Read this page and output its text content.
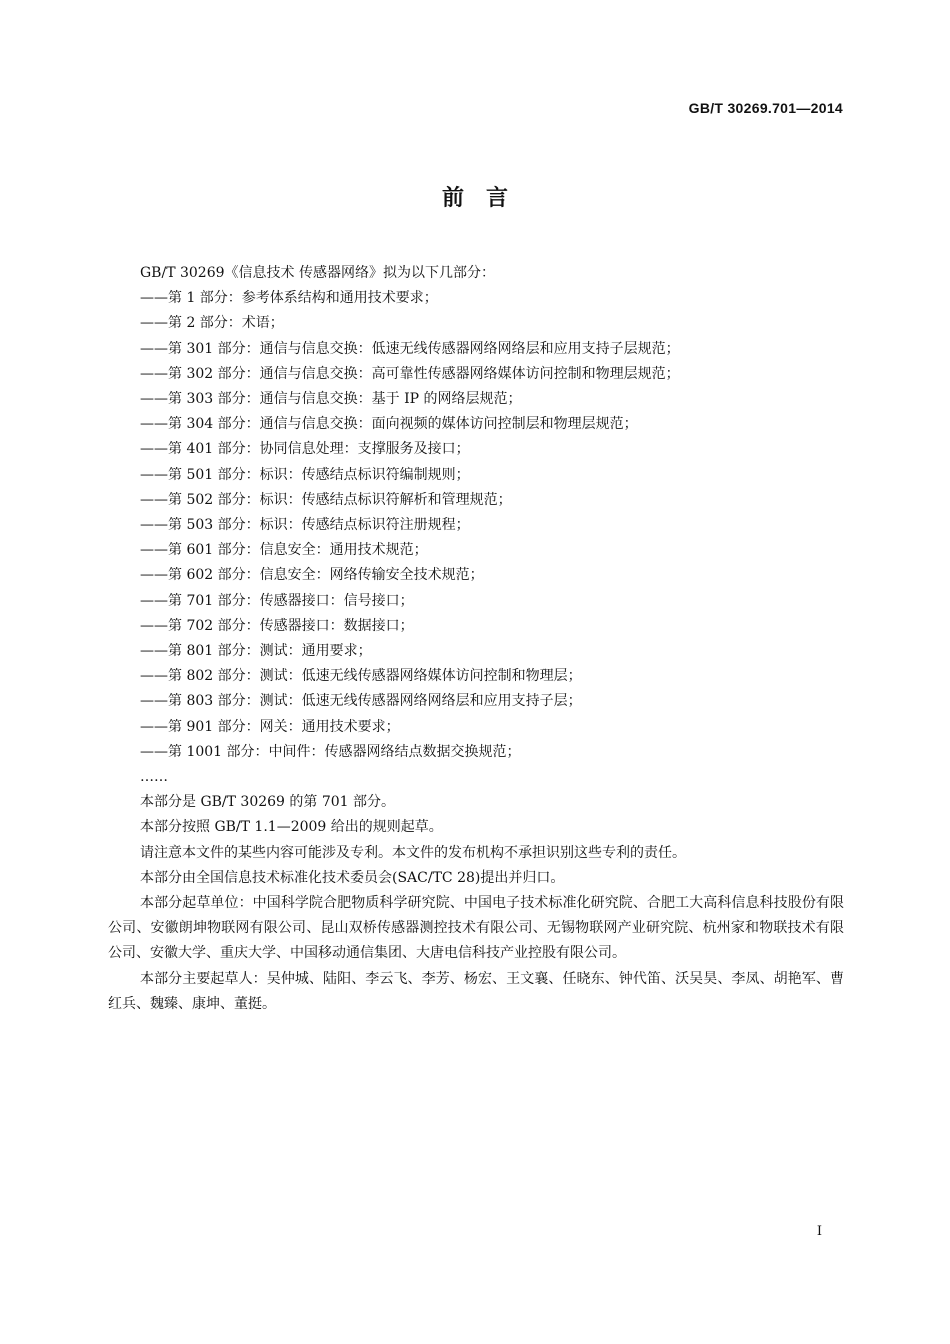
GB/T 30269.701—2014
前　言
GB/T 30269《信息技术 传感器网络》拟为以下几部分：
——第 1 部分：参考体系结构和通用技术要求；
——第 2 部分：术语；
——第 301 部分：通信与信息交换：低速无线传感器网络网络层和应用支持子层规范；
——第 302 部分：通信与信息交换：高可靠性传感器网络媒体访问控制和物理层规范；
——第 303 部分：通信与信息交换：基于 IP 的网络层规范；
——第 304 部分：通信与信息交换：面向视频的媒体访问控制层和物理层规范；
——第 401 部分：协同信息处理：支撑服务及接口；
——第 501 部分：标识：传感结点标识符编制规则；
——第 502 部分：标识：传感结点标识符解析和管理规范；
——第 503 部分：标识：传感结点标识符注册规程；
——第 601 部分：信息安全：通用技术规范；
——第 602 部分：信息安全：网络传输安全技术规范；
——第 701 部分：传感器接口：信号接口；
——第 702 部分：传感器接口：数据接口；
——第 801 部分：测试：通用要求；
——第 802 部分：测试：低速无线传感器网络媒体访问控制和物理层；
——第 803 部分：测试：低速无线传感器网络网络层和应用支持子层；
——第 901 部分：网关：通用技术要求；
——第 1001 部分：中间件：传感器网络结点数据交换规范；
……
本部分是 GB/T 30269 的第 701 部分。
本部分按照 GB/T 1.1—2009 给出的规则起草。
请注意本文件的某些内容可能涉及专利。本文件的发布机构不承担识别这些专利的责任。
本部分由全国信息技术标准化技术委员会(SAC/TC 28)提出并归口。
本部分起草单位：中国科学院合肥物质科学研究院、中国电子技术标准化研究院、合肥工大高科信息科技股份有限公司、安徽朗坤物联网有限公司、昆山双桥传感器测控技术有限公司、无锡物联网产业研究院、杭州家和物联技术有限公司、安徽大学、重庆大学、中国移动通信集团、大唐电信科技产业控股有限公司。
本部分主要起草人：吴仲城、陆阳、李云飞、李芳、杨宏、王文襄、任晓东、钟代笛、沃吴昊、李凤、胡艳军、曹红兵、魏臻、康坤、董挺。
I
